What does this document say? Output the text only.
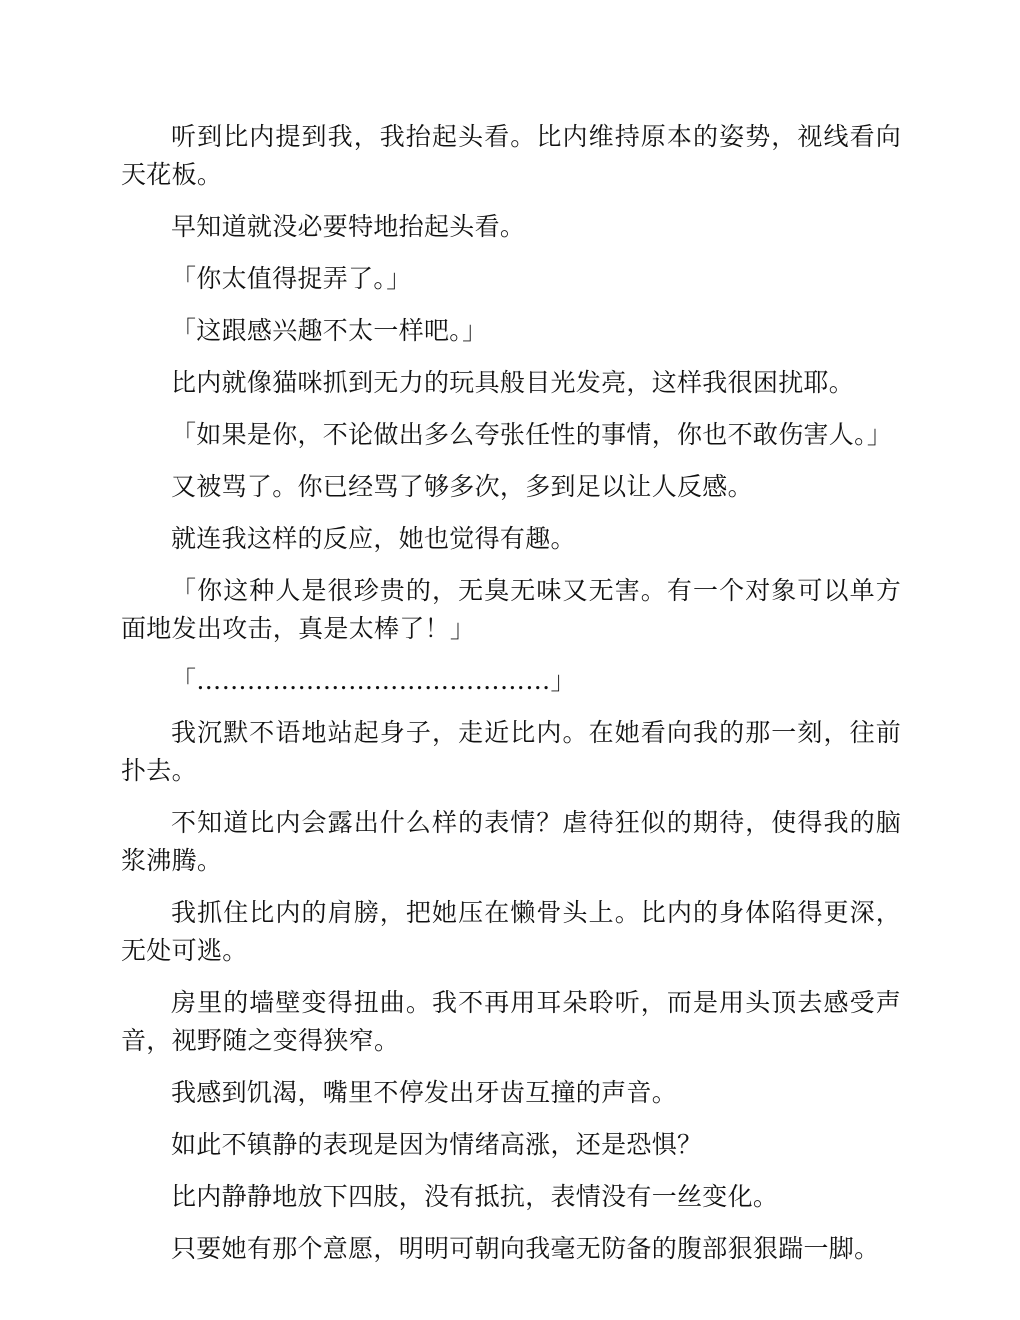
听到比内提到我，我抬起头看。比内维持原本的姿势，视线看向天花板。

早知道就没必要特地抬起头看。

「你太值得捉弄了。」

「这跟感兴趣不太一样吧。」

比内就像猫咪抓到无力的玩具般目光发亮，这样我很困扰耶。

「如果是你，不论做出多么夸张任性的事情，你也不敢伤害人。」

又被骂了。你已经骂了够多次，多到足以让人反感。

就连我这样的反应，她也觉得有趣。

「你这种人是很珍贵的，无臭无味又无害。有一个对象可以单方面地发出攻击，真是太棒了！」

「……………………………………」

我沉默不语地站起身子，走近比内。在她看向我的那一刻，往前扑去。

不知道比内会露出什么样的表情？虐待狂似的期待，使得我的脑浆沸腾。

我抓住比内的肩膀，把她压在懒骨头上。比内的身体陷得更深，无处可逃。

房里的墙壁变得扭曲。我不再用耳朵聆听，而是用头顶去感受声音，视野随之变得狭窄。

我感到饥渴，嘴里不停发出牙齿互撞的声音。

如此不镇静的表现是因为情绪高涨，还是恐惧？

比内静静地放下四肢，没有抵抗，表情没有一丝变化。

只要她有那个意愿，明明可朝向我毫无防备的腹部狠狠踹一脚。
